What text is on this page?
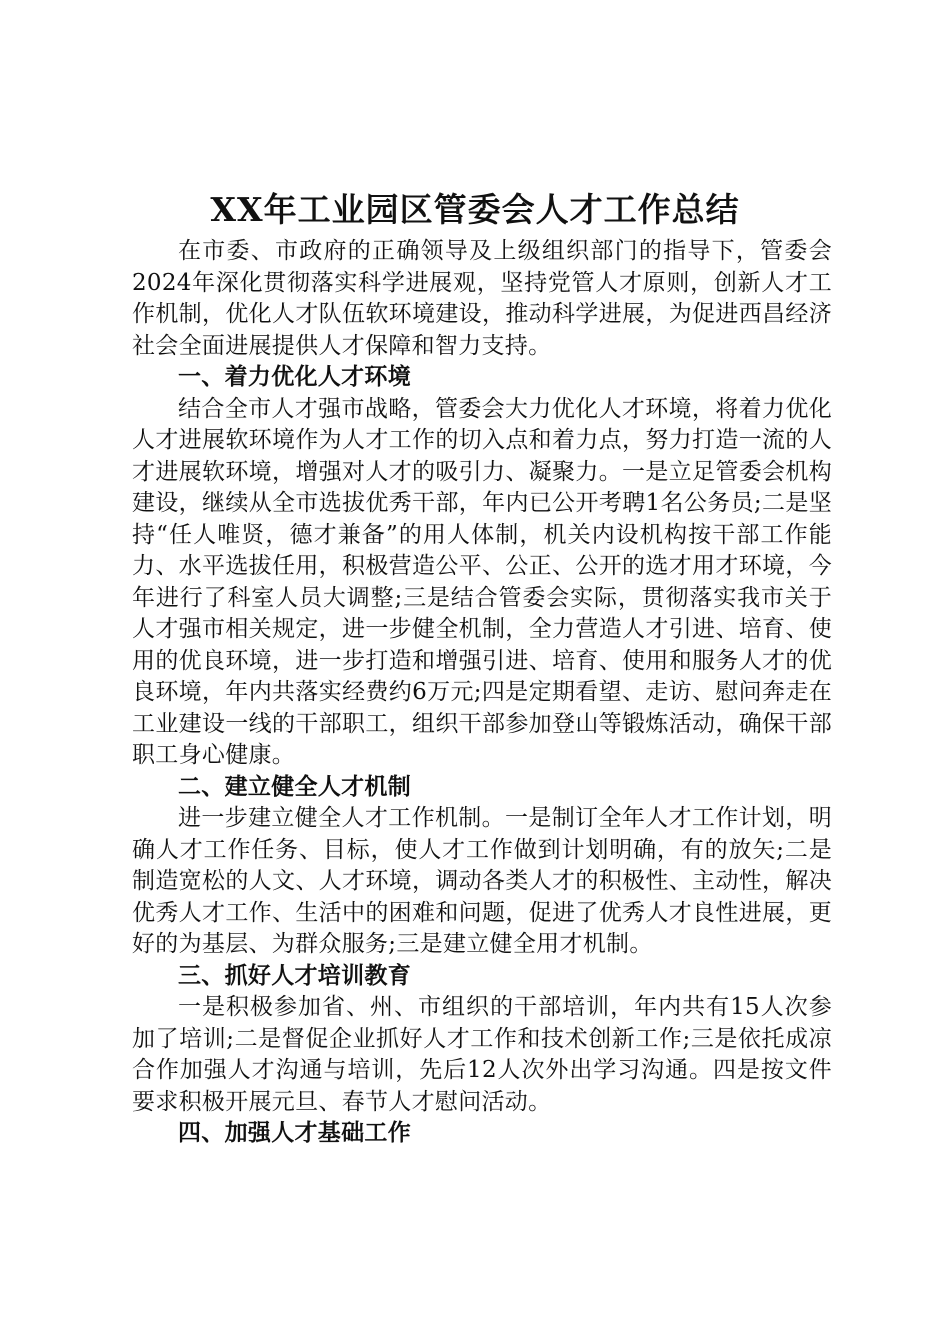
XX年工业园区管委会人才工作总结

在市委、市政府的正确领导及上级组织部门的指导下，管委会2024年深化贯彻落实科学进展观，坚持党管人才原则，创新人才工作机制，优化人才队伍软环境建设，推动科学进展，为促进西昌经济社会全面进展提供人才保障和智力支持。

一、着力优化人才环境

结合全市人才强市战略，管委会大力优化人才环境，将着力优化人才进展软环境作为人才工作的切入点和着力点，努力打造一流的人才进展软环境，增强对人才的吸引力、凝聚力。一是立足管委会机构建设，继续从全市选拔优秀干部，年内已公开考聘1名公务员;二是坚持“任人唯贤，德才兼备”的用人体制，机关内设机构按干部工作能力、水平选拔任用，积极营造公平、公正、公开的选才用才环境，今年进行了科室人员大调整;三是结合管委会实际，贯彻落实我市关于人才强市相关规定，进一步健全机制，全力营造人才引进、培育、使用的优良环境，进一步打造和增强引进、培育、使用和服务人才的优良环境，年内共落实经费约6万元;四是定期看望、走访、慰问奔走在工业建设一线的干部职工，组织干部参加登山等锻炼活动，确保干部职工身心健康。

二、建立健全人才机制

进一步建立健全人才工作机制。一是制订全年人才工作计划，明确人才工作任务、目标，使人才工作做到计划明确，有的放矢;二是制造宽松的人文、人才环境，调动各类人才的积极性、主动性，解决优秀人才工作、生活中的困难和问题，促进了优秀人才良性进展，更好的为基层、为群众服务;三是建立健全用才机制。

三、抓好人才培训教育

一是积极参加省、州、市组织的干部培训，年内共有15人次参加了培训;二是督促企业抓好人才工作和技术创新工作;三是依托成凉合作加强人才沟通与培训，先后12人次外出学习沟通。四是按文件要求积极开展元旦、春节人才慰问活动。

四、加强人才基础工作
